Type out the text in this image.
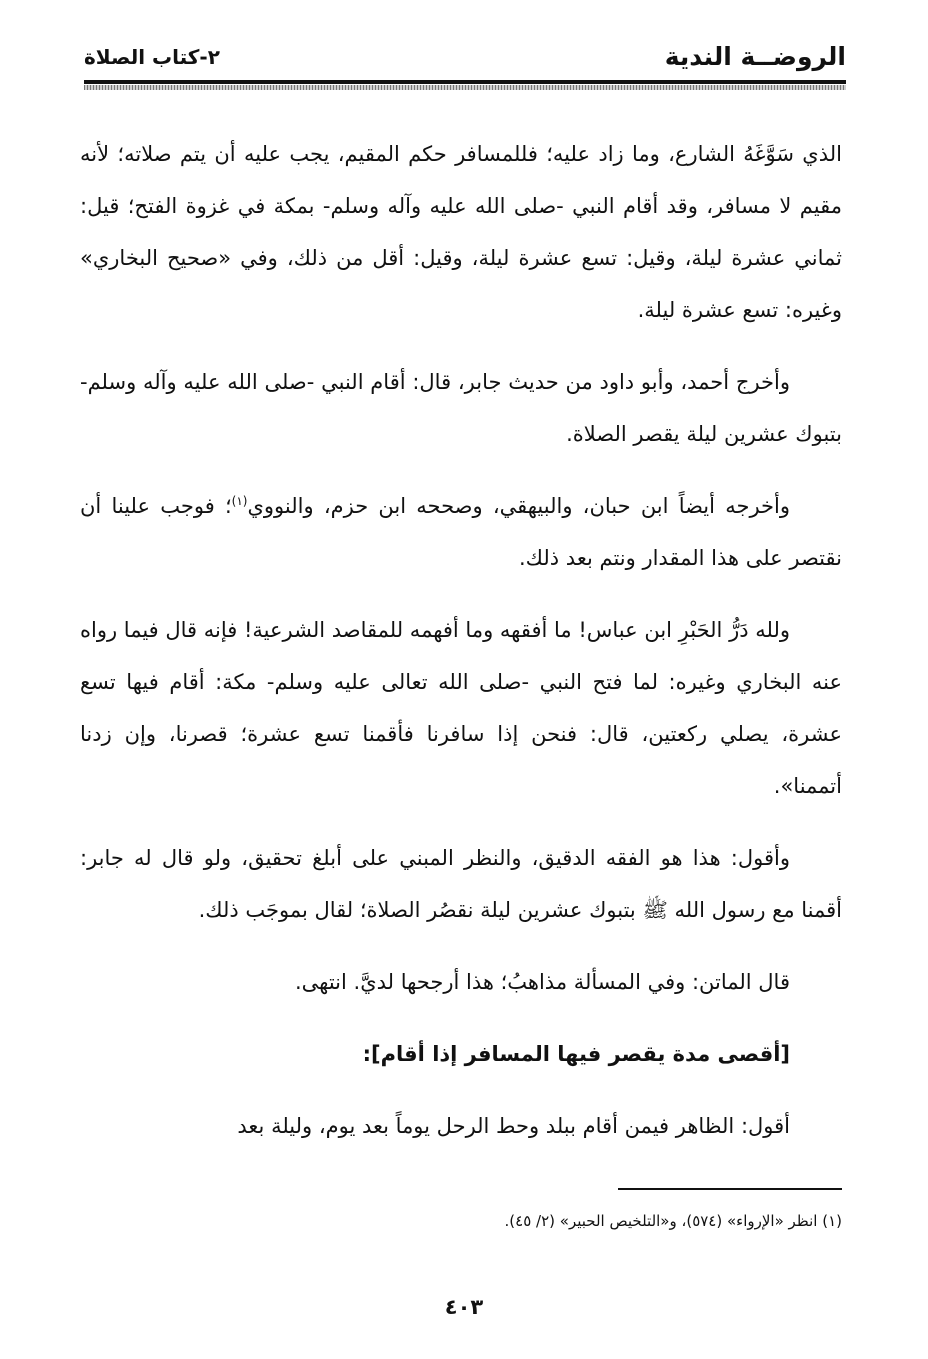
الروضــة الندية
٢-كتاب الصلاة

الذي سَوَّغَهُ الشارع، وما زاد عليه؛ فللمسافر حكم المقيم، يجب عليه أن يتم صلاته؛ لأنه مقيم لا مسافر، وقد أقام النبي -صلى الله عليه وآله وسلم- بمكة في غزوة الفتح؛ قيل: ثماني عشرة ليلة، وقيل: تسع عشرة ليلة، وقيل: أقل من ذلك، وفي «صحيح البخاري» وغيره: تسع عشرة ليلة.

وأخرج أحمد، وأبو داود من حديث جابر، قال: أقام النبي -صلى الله عليه وآله وسلم- بتبوك عشرين ليلة يقصر الصلاة.

وأخرجه أيضاً ابن حبان، والبيهقي، وصححه ابن حزم، والنووي$^{(١)}$؛ فوجب علينا أن نقتصر على هذا المقدار ونتم بعد ذلك.

ولله دَرُّ الحَبْرِ ابن عباس! ما أفقهه وما أفهمه للمقاصد الشرعية! فإنه قال فيما رواه عنه البخاري وغيره: لما فتح النبي -صلى الله تعالى عليه وسلم- مكة: أقام فيها تسع عشرة، يصلي ركعتين، قال: فنحن إذا سافرنا فأقمنا تسع عشرة؛ قصرنا، وإن زدنا أتممنا».

وأقول: هذا هو الفقه الدقيق، والنظر المبني على أبلغ تحقيق، ولو قال له جابر: أقمنا مع رسول الله ﷺ بتبوك عشرين ليلة نقصُر الصلاة؛ لقال بموجَب ذلك.

قال الماتن: وفي المسألة مذاهبُ؛ هذا أرجحها لديَّ. انتهى.

[أقصى مدة يقصر فيها المسافر إذا أقام]:

أقول: الظاهر فيمن أقام ببلد وحط الرحل يوماً بعد يوم، وليلة بعد

(١) انظر «الإرواء» (٥٧٤)، و«التلخيص الحبير» (٢/ ٤٥).
٤٠٣
